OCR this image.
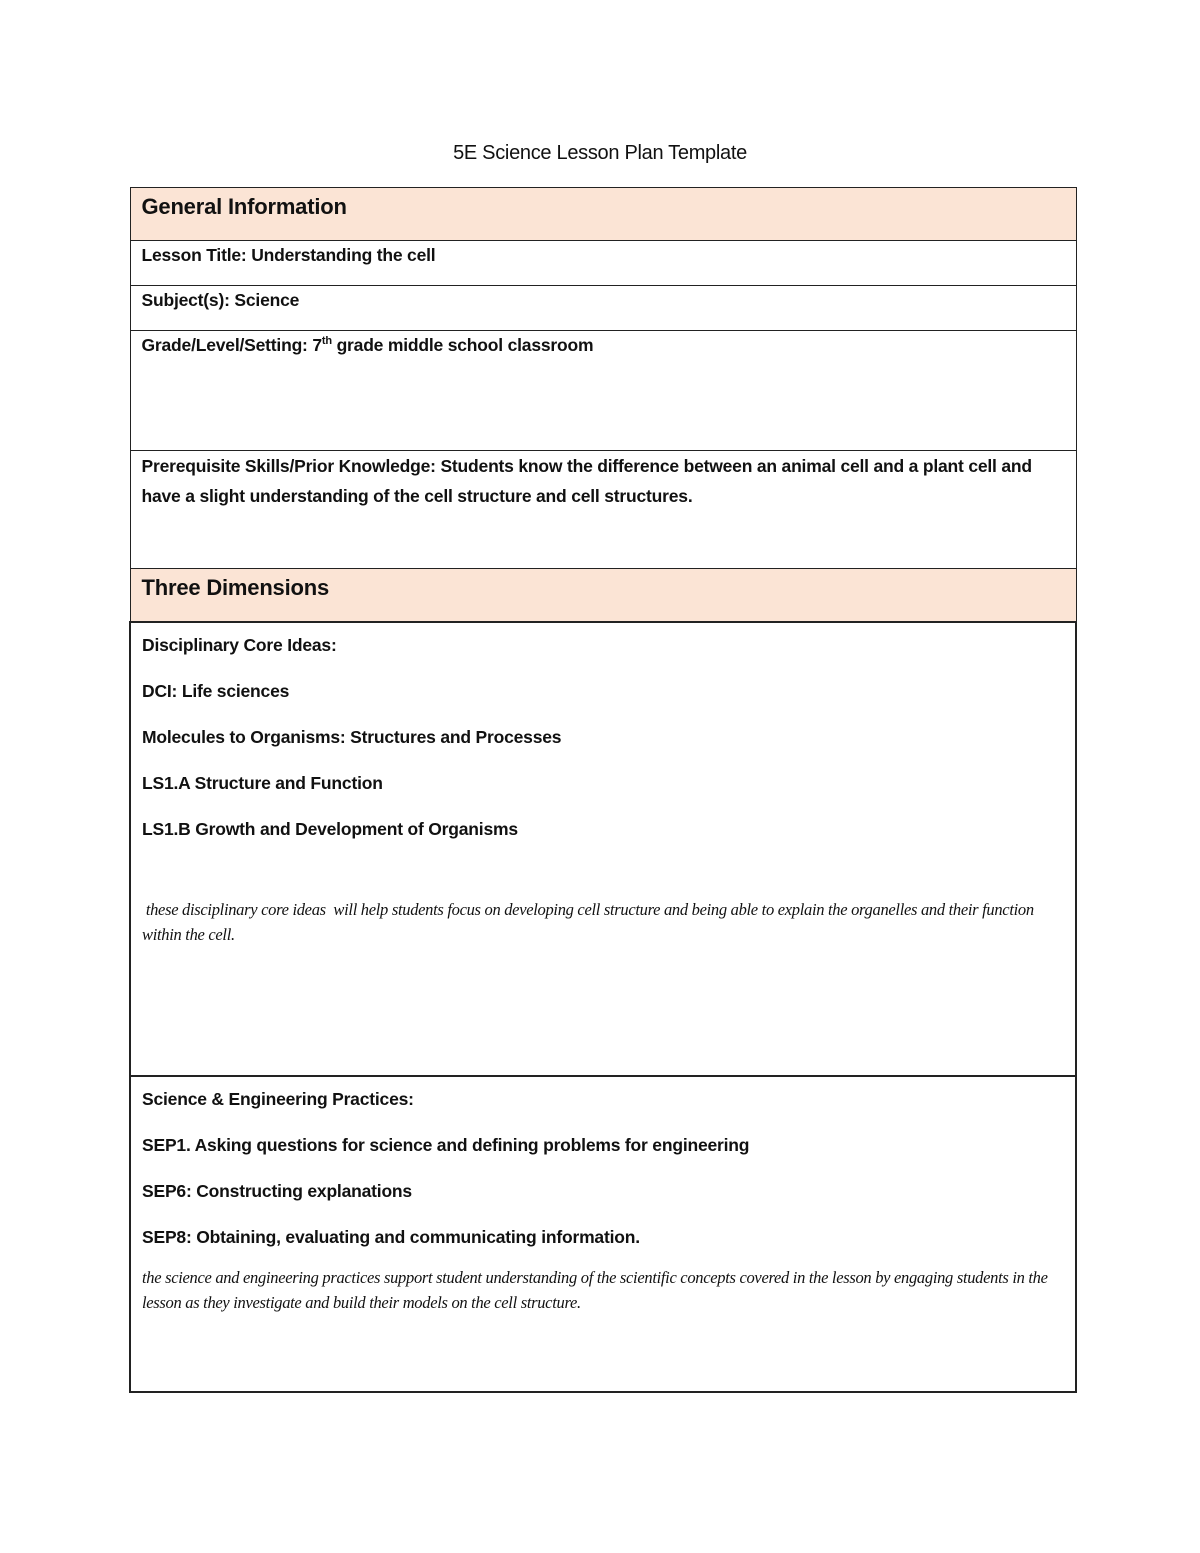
5E Science Lesson Plan Template
General Information
Lesson Title: Understanding the cell
Subject(s): Science
Grade/Level/Setting: 7th grade middle school classroom
Prerequisite Skills/Prior Knowledge: Students know the difference between an animal cell and a plant cell and have a slight understanding of the cell structure and cell structures.
Three Dimensions

Disciplinary Core Ideas:
DCI: Life sciences
Molecules to Organisms: Structures and Processes
LS1.A Structure and Function
LS1.B Growth and Development of Organisms
these disciplinary core ideas  will help students focus on developing cell structure and being able to explain the organelles and their function within the cell.

Science & Engineering Practices:
SEP1. Asking questions for science and defining problems for engineering
SEP6: Constructing explanations
SEP8: Obtaining, evaluating and communicating information.
the science and engineering practices support student understanding of the scientific concepts covered in the lesson by engaging students in the lesson as they investigate and build their models on the cell structure.
